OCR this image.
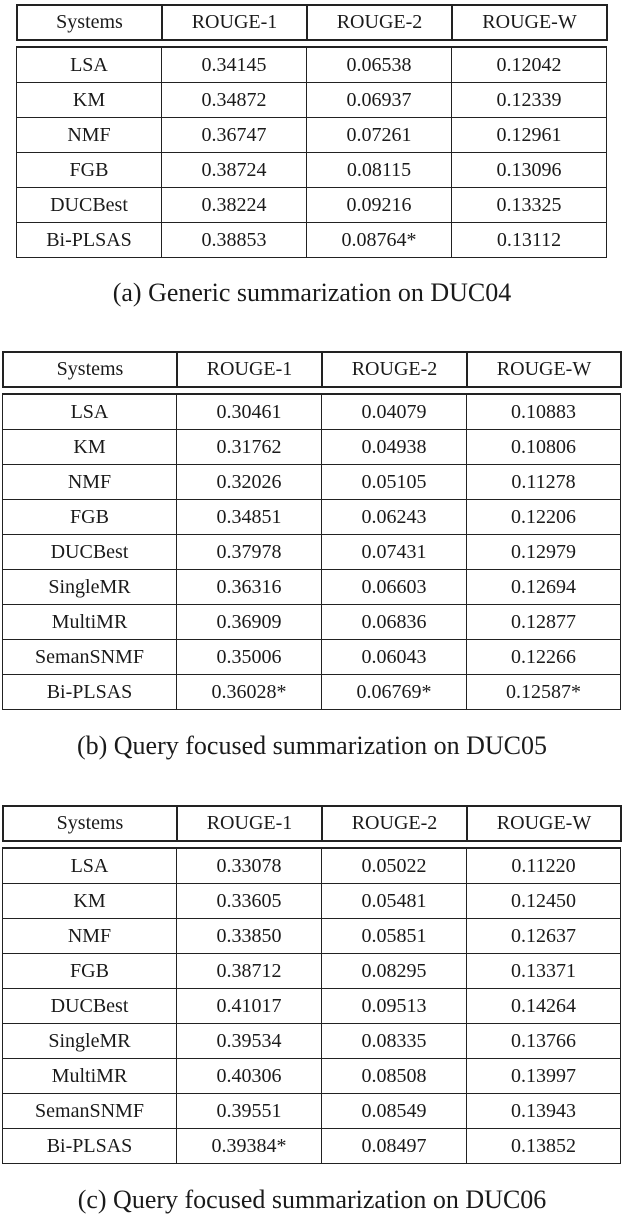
Systems	ROUGE-1	ROUGE-2	ROUGE-W
LSA	0.34145	0.06538	0.12042
KM	0.34872	0.06937	0.12339
NMF	0.36747	0.07261	0.12961
FGB	0.38724	0.08115	0.13096
DUCBest	0.38224	0.09216	0.13325
Bi-PLSAS	0.38853	0.08764*	0.13112
(a) Generic summarization on DUC04
Systems	ROUGE-1	ROUGE-2	ROUGE-W
LSA	0.30461	0.04079	0.10883
KM	0.31762	0.04938	0.10806
NMF	0.32026	0.05105	0.11278
FGB	0.34851	0.06243	0.12206
DUCBest	0.37978	0.07431	0.12979
SingleMR	0.36316	0.06603	0.12694
MultiMR	0.36909	0.06836	0.12877
SemanSNMF	0.35006	0.06043	0.12266
Bi-PLSAS	0.36028*	0.06769*	0.12587*
(b) Query focused summarization on DUC05
Systems	ROUGE-1	ROUGE-2	ROUGE-W
LSA	0.33078	0.05022	0.11220
KM	0.33605	0.05481	0.12450
NMF	0.33850	0.05851	0.12637
FGB	0.38712	0.08295	0.13371
DUCBest	0.41017	0.09513	0.14264
SingleMR	0.39534	0.08335	0.13766
MultiMR	0.40306	0.08508	0.13997
SemanSNMF	0.39551	0.08549	0.13943
Bi-PLSAS	0.39384*	0.08497	0.13852
(c) Query focused summarization on DUC06
